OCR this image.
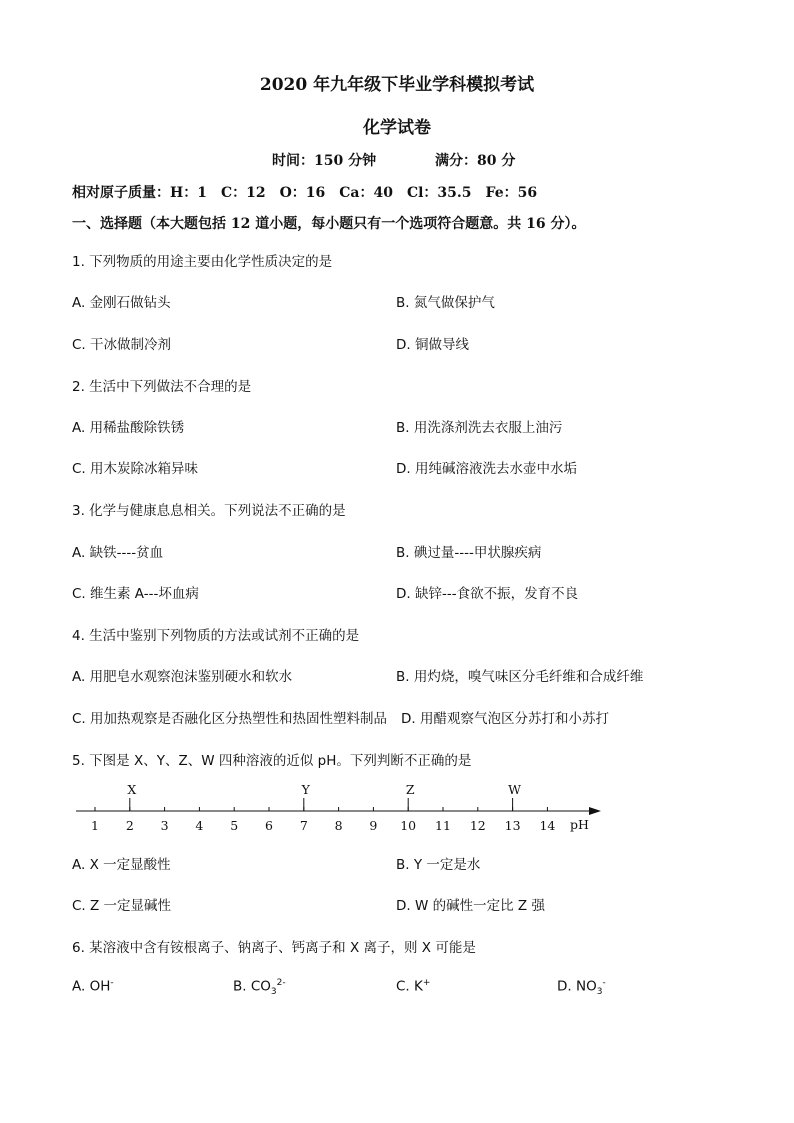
2020 年九年级下毕业学科模拟考试
化学试卷
时间：150 分钟	满分：80 分
相对原子质量：H：1　C：12　O：16　Ca：40　Cl：35.5　Fe：56
一、选择题（本大题包括 12 道小题，每小题只有一个选项符合题意。共 16 分）。
1. 下列物质的用途主要由化学性质决定的是
A. 金刚石做钻头	B. 氮气做保护气
C. 干冰做制冷剂	D. 铜做导线
2. 生活中下列做法不合理的是
A. 用稀盐酸除铁锈	B. 用洗涤剂洗去衣服上油污
C. 用木炭除冰箱异味	D. 用纯碱溶液洗去水壶中水垢
3. 化学与健康息息相关。下列说法不正确的是
A. 缺铁----贫血	B. 碘过量----甲状腺疾病
C. 维生素 A---坏血病	D. 缺锌---食欲不振，发育不良
4. 生活中鉴别下列物质的方法或试剂不正确的是
A. 用肥皂水观察泡沫鉴别硬水和软水	B. 用灼烧，嗅气味区分毛纤维和合成纤维
C. 用加热观察是否融化区分热塑性和热固性塑料制品 D. 用醋观察气泡区分苏打和小苏打
5. 下图是 X、Y、Z、W 四种溶液的近似 pH。下列判断不正确的是
1 2 3 4 5 6 7 8 9 10 11 12 13 14
X	Y	Z	W
pH
A. X 一定显酸性	B. Y 一定是水
C. Z 一定显碱性	D. W 的碱性一定比 Z 强
6. 某溶液中含有铵根离子、钠离子、钙离子和 X 离子，则 X 可能是
A. OH-	B. $CO_3^{2-}$	C. K+	D. $NO_3^-$
